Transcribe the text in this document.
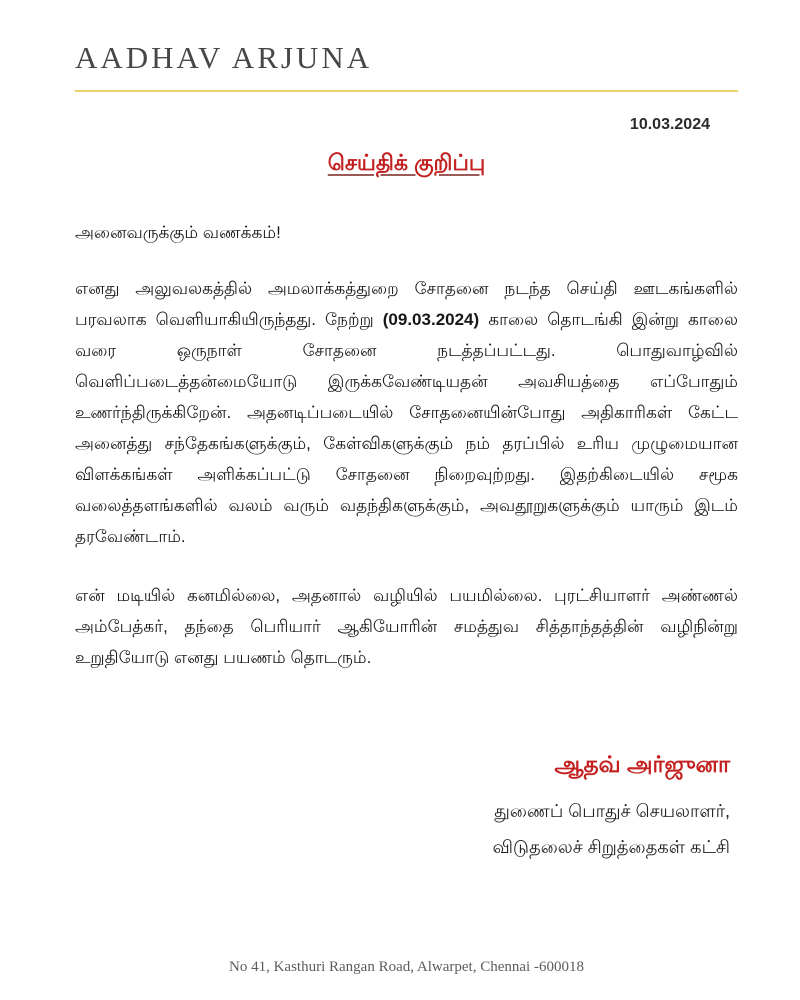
AADHAV ARJUNA
10.03.2024
செய்திக் குறிப்பு
அனைவருக்கும் வணக்கம்!

எனது அலுவலகத்தில் அமலாக்கத்துறை சோதனை நடந்த செய்தி ஊடகங்களில் பரவலாக வெளியாகியிருந்தது. நேற்று (09.03.2024) காலை தொடங்கி இன்று காலை வரை ஒருநாள் சோதனை நடத்தப்பட்டது. பொதுவாழ்வில் வெளிப்படைத்தன்மையோடு இருக்கவேண்டியதன் அவசியத்தை எப்போதும் உணர்ந்திருக்கிறேன். அதனடிப்படையில் சோதனையின்போது அதிகாரிகள் கேட்ட அனைத்து சந்தேகங்களுக்கும், கேள்விகளுக்கும் நம் தரப்பில் உரிய முழுமையான விளக்கங்கள் அளிக்கப்பட்டு சோதனை நிறைவுற்றது. இதற்கிடையில் சமூக வலைத்தளங்களில் வலம் வரும் வதந்திகளுக்கும், அவதூறுகளுக்கும் யாரும் இடம் தரவேண்டாம்.

என் மடியில் கனமில்லை, அதனால் வழியில் பயமில்லை. புரட்சியாளர் அண்ணல் அம்பேத்கர், தந்தை பெரியார் ஆகியோரின் சமத்துவ சித்தாந்தத்தின் வழிநின்று உறுதியோடு எனது பயணம் தொடரும்.

ஆதவ் அர்ஜுனா
துணைப் பொதுச் செயலாளர்,
விடுதலைச் சிறுத்தைகள் கட்சி
No 41, Kasthuri Rangan Road, Alwarpet, Chennai -600018
